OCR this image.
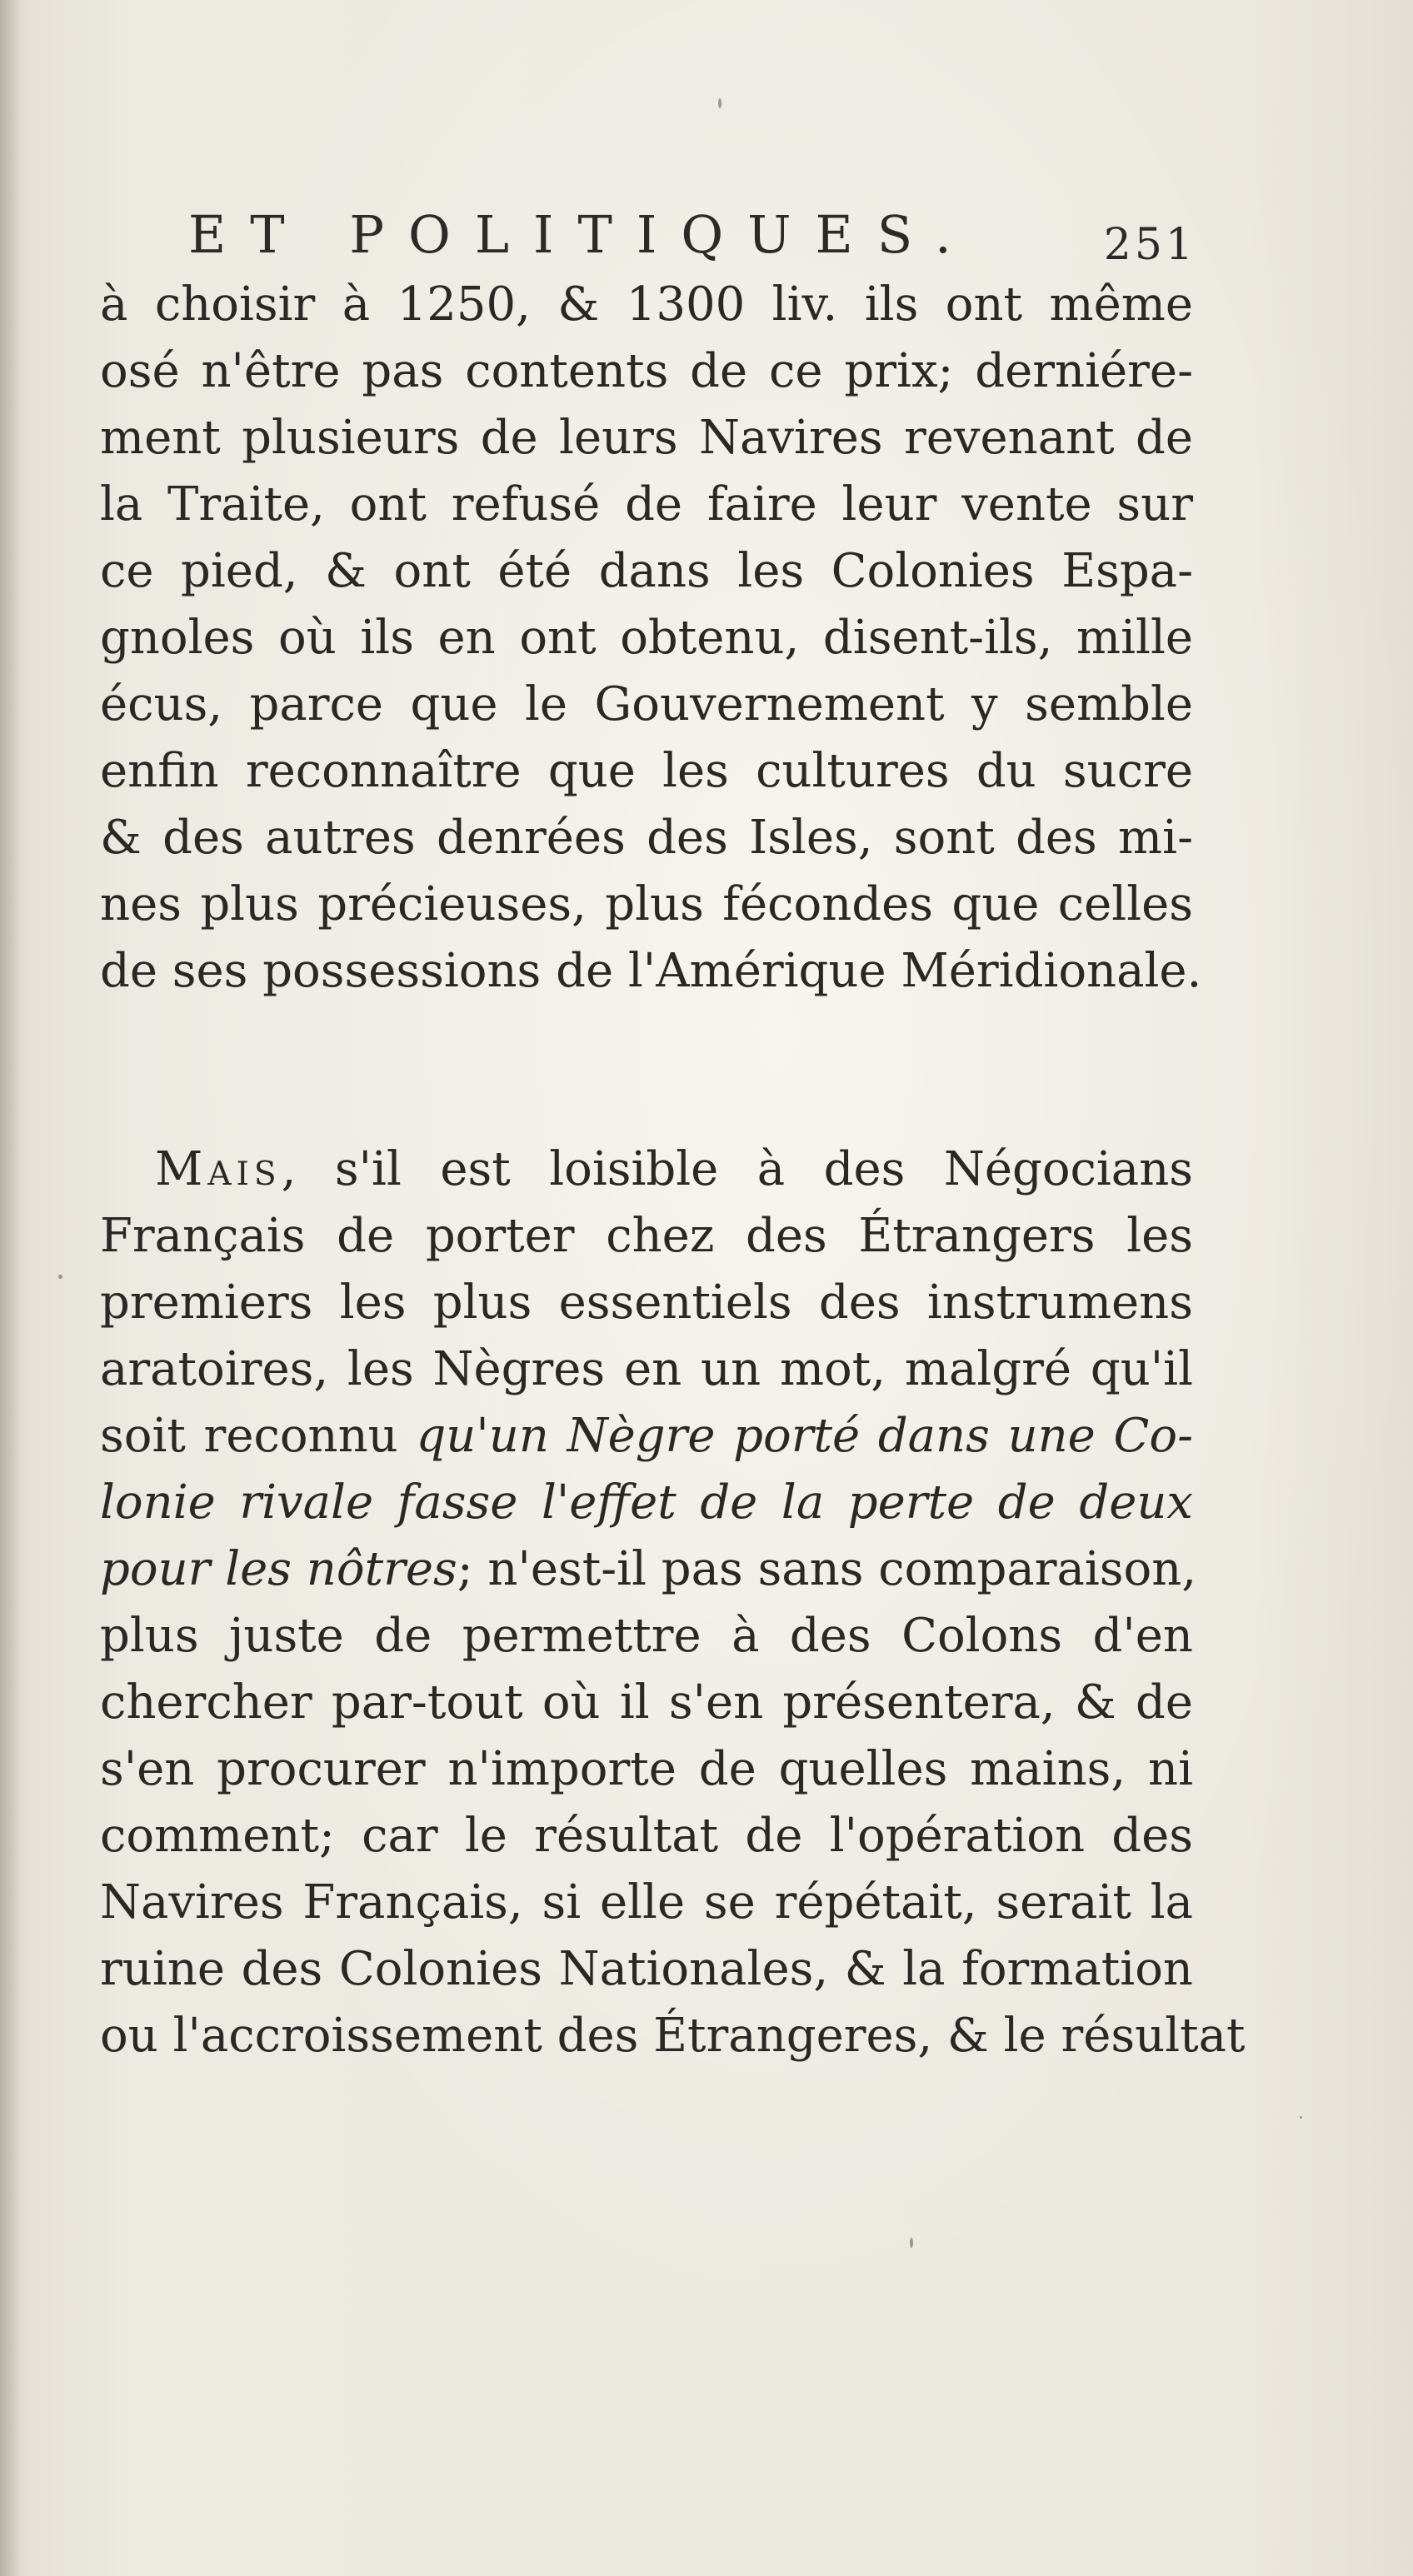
ET POLITIQUES.	251
à choisir à 1250, & 1300 liv. ils ont même
osé n'être pas contents de ce prix; derniére-
ment plusieurs de leurs Navires revenant de
la Traite, ont refusé de faire leur vente sur
ce pied, & ont été dans les Colonies Espa-
gnoles où ils en ont obtenu, disent-ils, mille
écus, parce que le Gouvernement y semble
enfin reconnaître que les cultures du sucre
& des autres denrées des Isles, sont des mi-
nes plus précieuses, plus fécondes que celles
de ses possessions de l'Amérique Méridionale.
Mais, s'il est loisible à des Négocians
Français de porter chez des Étrangers les
premiers les plus essentiels des instrumens
aratoires, les Nègres en un mot, malgré qu'il
soit reconnu qu'un Nègre porté dans une Co-
lonie rivale fasse l'effet de la perte de deux
pour les nôtres; n'est-il pas sans comparaison,
plus juste de permettre à des Colons d'en
chercher par-tout où il s'en présentera, & de
s'en procurer n'importe de quelles mains, ni
comment; car le résultat de l'opération des
Navires Français, si elle se répétait, serait la
ruine des Colonies Nationales, & la formation
ou l'accroissement des Étrangeres, & le résultat
